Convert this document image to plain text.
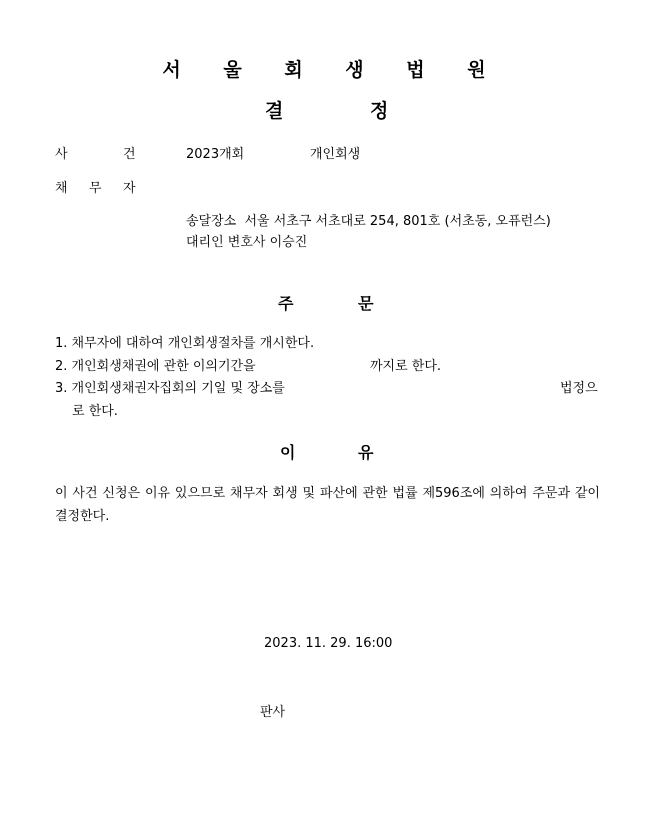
서 울 회 생 법 원
결	정
사	건	2023개회	개인회생
채 무 자
송달장소  서울 서초구 서초대로 254, 801호 (서초동, 오퓨런스)
대리인 변호사 이승진
주	문
1. 채무자에 대하여 개인회생절차를 개시한다.
2. 개인회생채권에 관한 이의기간을	까지로 한다.
3. 개인회생채권자집회의 기일 및 장소를	법정으
로 한다.
이	유
이 사건 신청은 이유 있으므로 채무자 회생 및 파산에 관한 법률 제596조에 의하여 주문과 같이 결정한다.
2023. 11. 29. 16:00
판사
